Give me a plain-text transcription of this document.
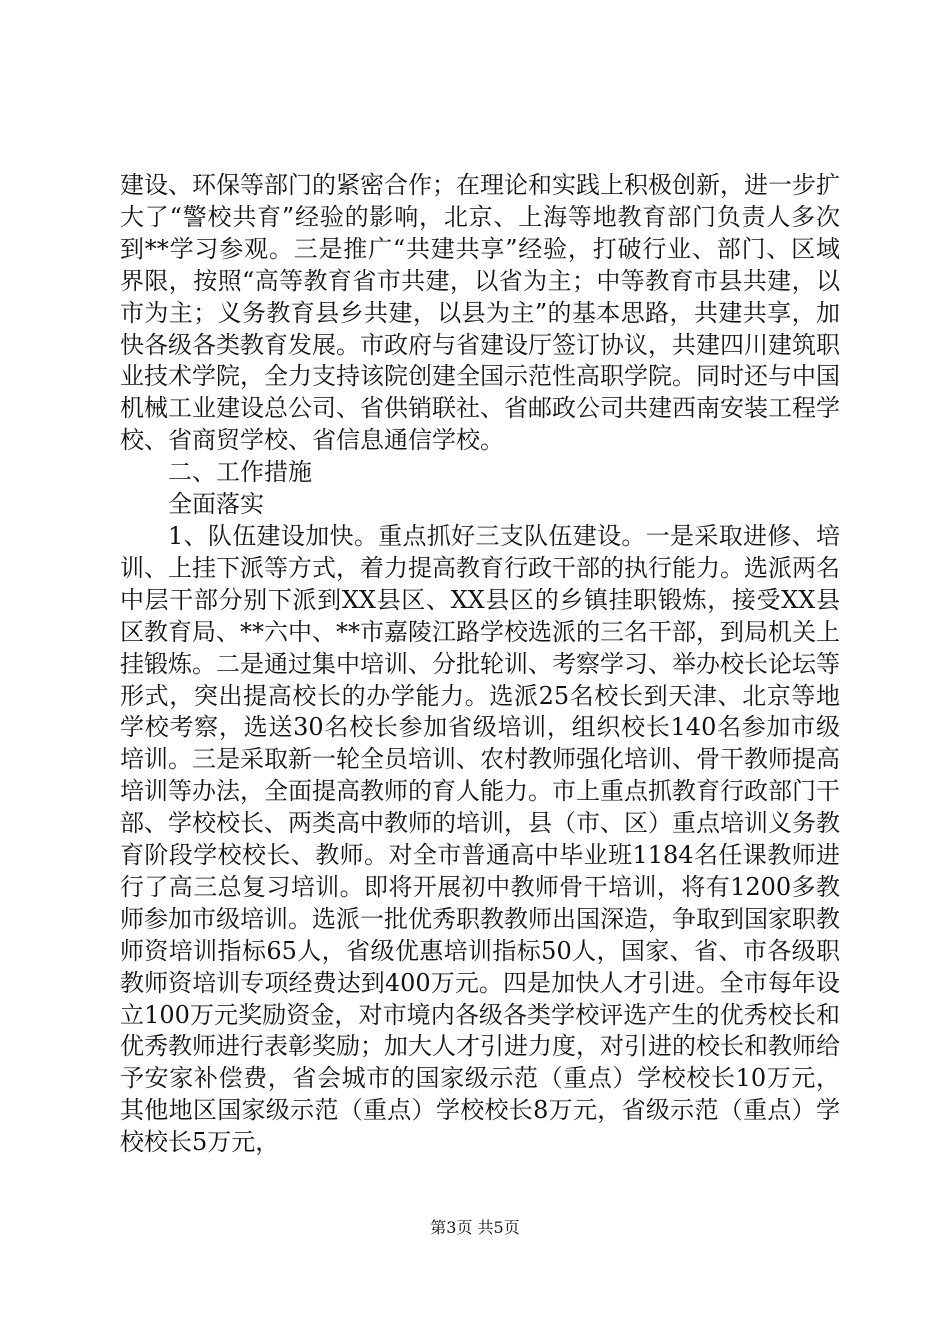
建设、环保等部门的紧密合作；在理论和实践上积极创新，进一步扩大了“警校共育”经验的影响，北京、上海等地教育部门负责人多次到**学习参观。三是推广“共建共享”经验，打破行业、部门、区域界限，按照“高等教育省市共建，以省为主；中等教育市县共建，以市为主；义务教育县乡共建，以县为主”的基本思路，共建共享，加快各级各类教育发展。市政府与省建设厅签订协议，共建四川建筑职业技术学院，全力支持该院创建全国示范性高职学院。同时还与中国机械工业建设总公司、省供销联社、省邮政公司共建西南安装工程学校、省商贸学校、省信息通信学校。

二、工作措施

全面落实

1、队伍建设加快。重点抓好三支队伍建设。一是采取进修、培训、上挂下派等方式，着力提高教育行政干部的执行能力。选派两名中层干部分别下派到XX县区、XX县区的乡镇挂职锻炼，接受XX县区教育局、**六中、**市嘉陵江路学校选派的三名干部，到局机关上挂锻炼。二是通过集中培训、分批轮训、考察学习、举办校长论坛等形式，突出提高校长的办学能力。选派25名校长到天津、北京等地学校考察，选送30名校长参加省级培训，组织校长140名参加市级培训。三是采取新一轮全员培训、农村教师强化培训、骨干教师提高培训等办法，全面提高教师的育人能力。市上重点抓教育行政部门干部、学校校长、两类高中教师的培训，县（市、区）重点培训义务教育阶段学校校长、教师。对全市普通高中毕业班1184名任课教师进行了高三总复习培训。即将开展初中教师骨干培训，将有1200多教师参加市级培训。选派一批优秀职教教师出国深造，争取到国家职教师资培训指标65人，省级优惠培训指标50人，国家、省、市各级职教师资培训专项经费达到400万元。四是加快人才引进。全市每年设立100万元奖励资金，对市境内各级各类学校评选产生的优秀校长和优秀教师进行表彰奖励；加大人才引进力度，对引进的校长和教师给予安家补偿费，省会城市的国家级示范（重点）学校校长10万元，其他地区国家级示范（重点）学校校长8万元，省级示范（重点）学校校长5万元，

第3页 共5页
